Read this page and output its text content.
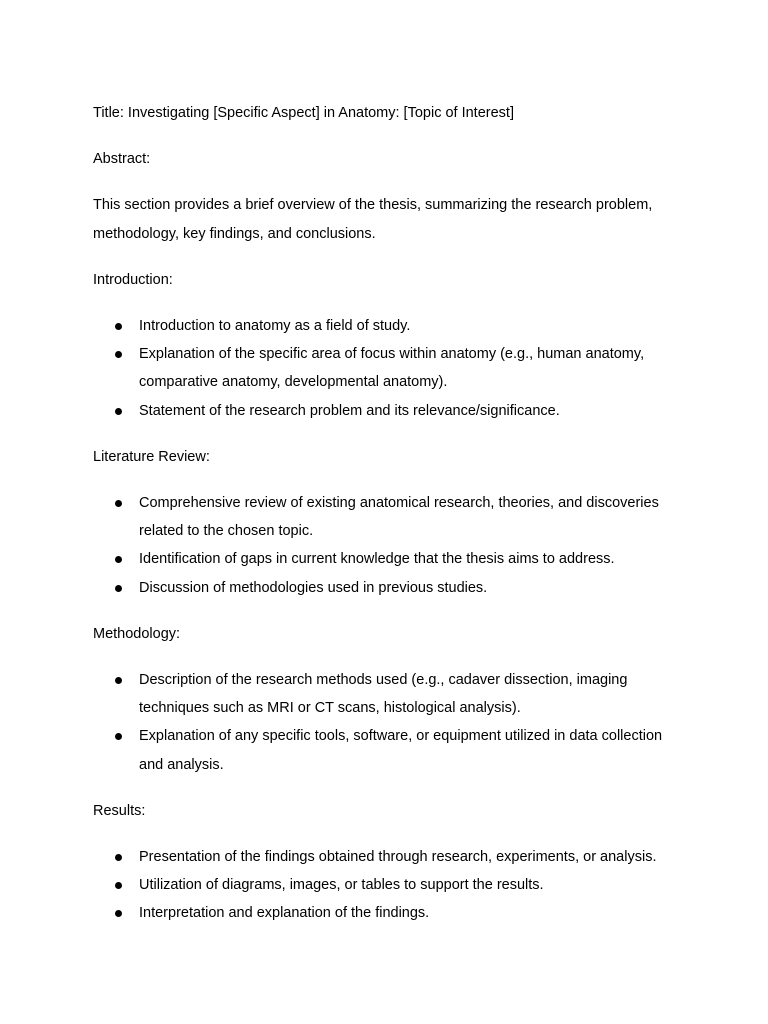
Title: Investigating [Specific Aspect] in Anatomy: [Topic of Interest]

Abstract:

This section provides a brief overview of the thesis, summarizing the research problem, methodology, key findings, and conclusions.

Introduction:

Introduction to anatomy as a field of study.
Explanation of the specific area of focus within anatomy (e.g., human anatomy, comparative anatomy, developmental anatomy).
Statement of the research problem and its relevance/significance.

Literature Review:

Comprehensive review of existing anatomical research, theories, and discoveries related to the chosen topic.
Identification of gaps in current knowledge that the thesis aims to address.
Discussion of methodologies used in previous studies.

Methodology:

Description of the research methods used (e.g., cadaver dissection, imaging techniques such as MRI or CT scans, histological analysis).
Explanation of any specific tools, software, or equipment utilized in data collection and analysis.

Results:

Presentation of the findings obtained through research, experiments, or analysis.
Utilization of diagrams, images, or tables to support the results.
Interpretation and explanation of the findings.
